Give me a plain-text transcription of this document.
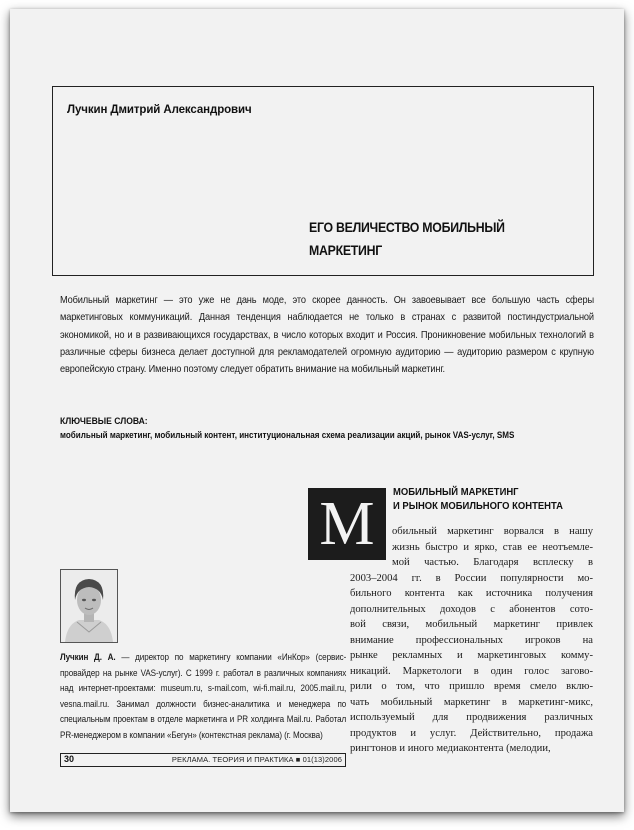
Лучкин Дмитрий Александрович
ЕГО ВЕЛИЧЕСТВО МОБИЛЬНЫЙ
МАРКЕТИНГ
Мобильный маркетинг — это уже не дань моде, это скорее данность. Он завоевывает все большую часть сферы маркетинговых коммуникаций. Данная тенденция наблюдается не только в странах с развитой постиндустриальной экономикой, но и в развивающихся государствах, в число которых входит и Россия. Проникновение мобильных технологий в различные сферы бизнеса делает доступной для рекламодателей огромную аудиторию — аудиторию размером с крупную европейскую страну. Именно поэтому следует обратить внимание на мобильный маркетинг.
КЛЮЧЕВЫЕ СЛОВА:
мобильный маркетинг, мобильный контент, институциональная схема реализации акций, рынок VAS-услуг, SMS
М	МОБИЛЬНЫЙ МАРКЕТИНГ
И РЫНОК МОБИЛЬНОГО КОНТЕНТА
обильный маркетинг ворвался в нашу
жизнь быстро и ярко, став ее неотъемле-
мой частью. Благодаря всплеску в
2003–2004 гг. в России популярности мо-
бильного контента как источника получения
дополнительных доходов с абонентов сото-
вой связи, мобильный маркетинг привлек
внимание профессиональных игроков на
рынке рекламных и маркетинговых комму-
никаций. Маркетологи в один голос загово-
рили о том, что пришло время смело вклю-
чать мобильный маркетинг в маркетинг-микс,
используемый для продвижения различных
продуктов и услуг. Действительно, продажа
рингтонов и иного медиаконтента (мелодии,
Лучкин Д. А. — директор по маркетингу компании «ИнКор» (сервис-провайдер на рынке VAS-услуг). С 1999 г. работал в различных компаниях над интернет-проектами: museum.ru, s-mail.com, wi-fi.mail.ru, 2005.mail.ru, vesna.mail.ru. Занимал должности бизнес-аналитика и менеджера по специальным проектам в отделе маркетинга и PR холдинга Mail.ru. Работал PR-менеджером в компании «Бегун» (контекстная реклама) (г. Москва)
30	РЕКЛАМА. ТЕОРИЯ И ПРАКТИКА ■ 01(13)2006
